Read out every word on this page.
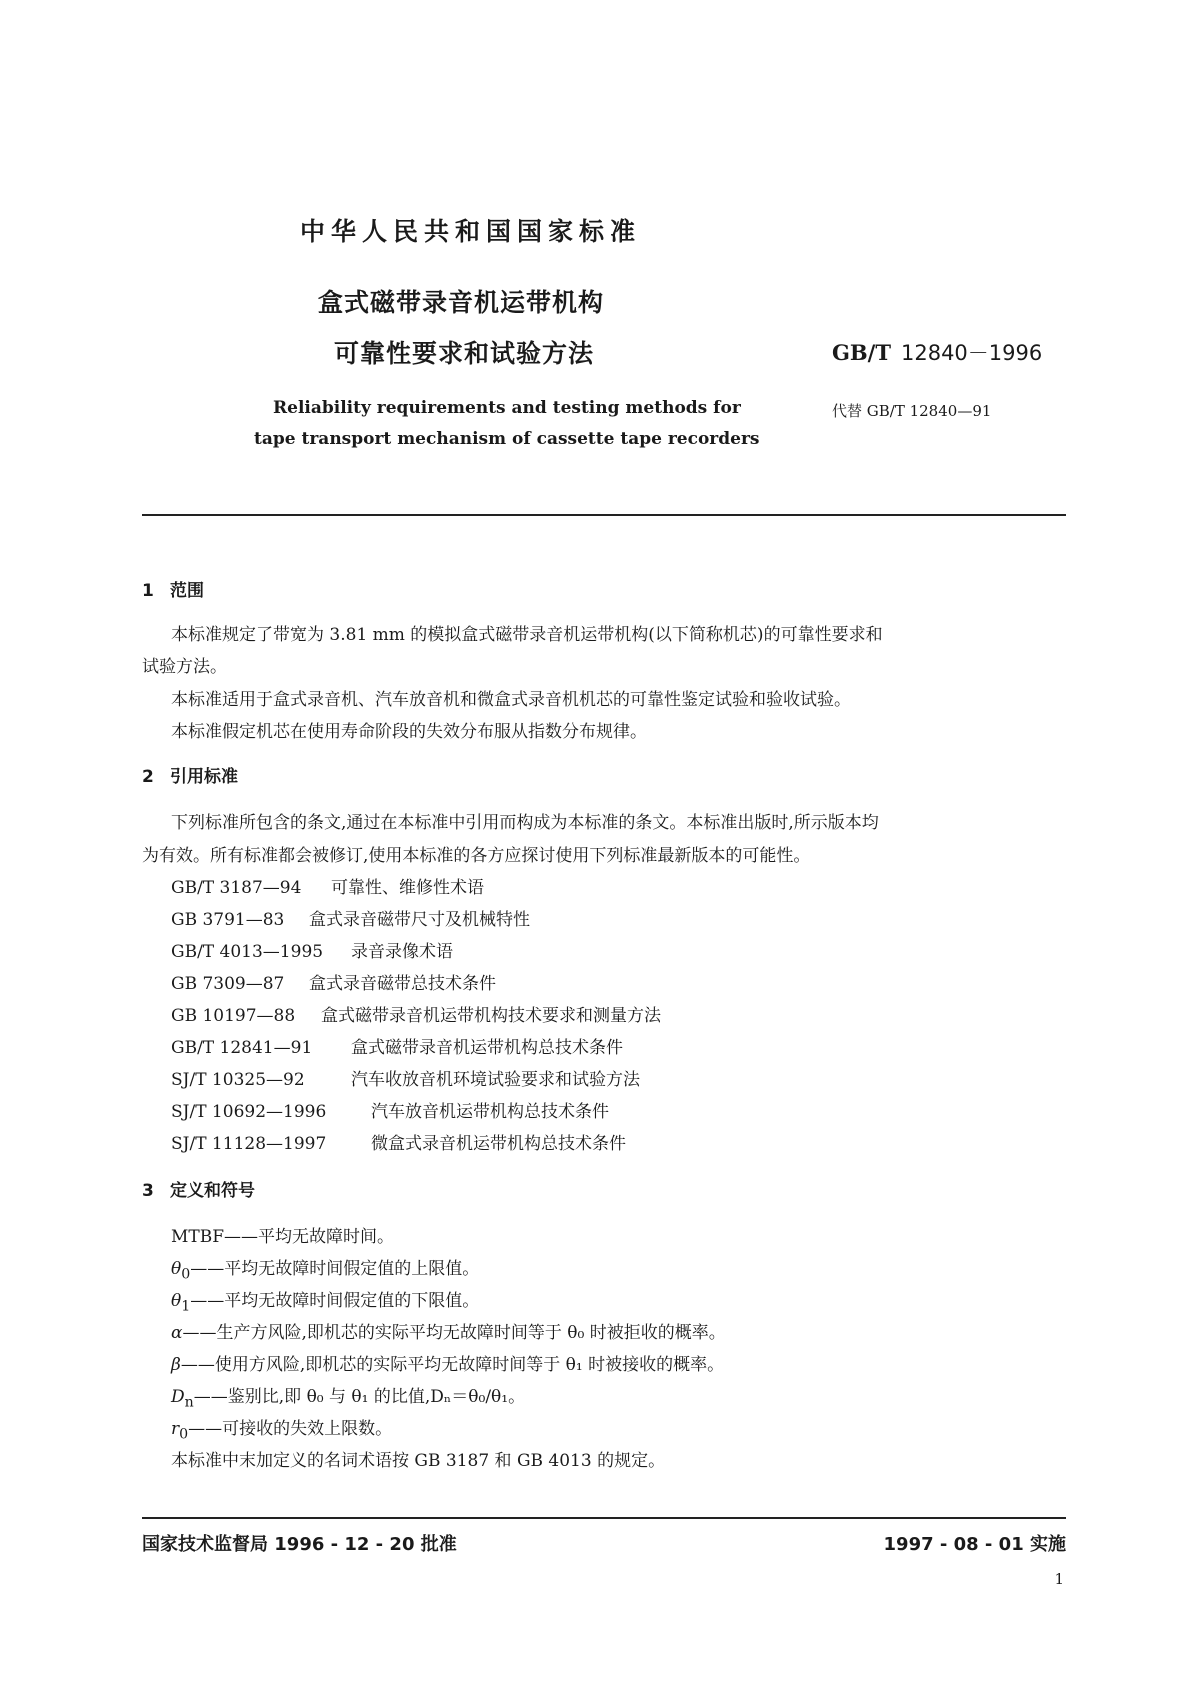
中华人民共和国国家标准
盒式磁带录音机运带机构
可靠性要求和试验方法	GB/T 12840－1996
Reliability requirements and testing methods for
tape transport mechanism of cassette tape recorders
代替 GB/T 12840—91
1 范围
本标准规定了带宽为 3.81 mm 的模拟盒式磁带录音机运带机构(以下简称机芯)的可靠性要求和
试验方法。
本标准适用于盒式录音机、汽车放音机和微盒式录音机机芯的可靠性鉴定试验和验收试验。
本标准假定机芯在使用寿命阶段的失效分布服从指数分布规律。
2 引用标准
下列标准所包含的条文,通过在本标准中引用而构成为本标准的条文。本标准出版时,所示版本均
为有效。所有标准都会被修订,使用本标准的各方应探讨使用下列标准最新版本的可能性。
GB/T 3187—94 可靠性、维修性术语
GB 3791—83 盒式录音磁带尺寸及机械特性
GB/T 4013—1995 录音录像术语
GB 7309—87 盒式录音磁带总技术条件
GB 10197—88 盒式磁带录音机运带机构技术要求和测量方法
GB/T 12841—91 盒式磁带录音机运带机构总技术条件
SJ/T 10325—92	汽车收放音机环境试验要求和试验方法
SJ/T 10692—1996	汽车放音机运带机构总技术条件
SJ/T 11128—1997	微盒式录音机运带机构总技术条件
3 定义和符号
MTBF——平均无故障时间。
$\theta_0——$平均无故障时间假定值的上限值。
$\theta_1——$平均无故障时间假定值的下限值。
α——生产方风险,即机芯的实际平均无故障时间等于 θ₀ 时被拒收的概率。
β——使用方风险,即机芯的实际平均无故障时间等于 θ₁ 时被接收的概率。
$D_n——$鉴别比,即 θ₀ 与 θ₁ 的比值,Dₙ＝θ₀/θ₁。
$r_0——$可接收的失效上限数。
本标准中末加定义的名词术语按 GB 3187 和 GB 4013 的规定。
国家技术监督局 1996 - 12 - 20 批准	1997 - 08 - 01 实施
1
